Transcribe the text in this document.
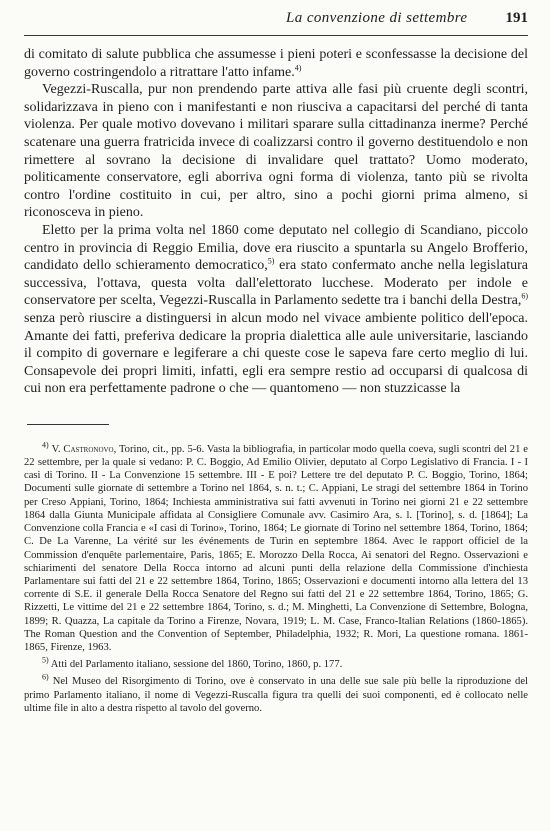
La convenzione di settembre	191

di comitato di salute pubblica che assumesse i pieni poteri e sconfessasse la decisione del governo costringendolo a ritrattare l'atto infame.$^{4)}$

Vegezzi-Ruscalla, pur non prendendo parte attiva alle fasi più cruente degli scontri, solidarizzava in pieno con i manifestanti e non riusciva a capacitarsi del perché di tanta violenza. Per quale motivo dovevano i militari sparare sulla cittadinanza inerme? Perché scatenare una guerra fratricida invece di coalizzarsi contro il governo destituendolo e non rimettere al sovrano la decisione di invalidare quel trattato? Uomo moderato, politicamente conservatore, egli aborriva ogni forma di violenza, tanto più se rivolta contro l'ordine costituito in cui, per altro, sino a pochi giorni prima almeno, si riconosceva in pieno.

Eletto per la prima volta nel 1860 come deputato nel collegio di Scandiano, piccolo centro in provincia di Reggio Emilia, dove era riuscito a spuntarla su Angelo Brofferio, candidato dello schieramento democratico,$^{5)}$ era stato confermato anche nella legislatura successiva, l'ottava, questa volta dall'elettorato lucchese. Moderato per indole e conservatore per scelta, Vegezzi-Ruscalla in Parlamento sedette tra i banchi della Destra,$^{6)}$ senza però riuscire a distinguersi in alcun modo nel vivace ambiente politico dell'epoca. Amante dei fatti, preferiva dedicare la propria dialettica alle aule universitarie, lasciando il compito di governare e legiferare a chi queste cose le sapeva fare certo meglio di lui. Consapevole dei propri limiti, infatti, egli era sempre restio ad occuparsi di qualcosa di cui non era perfettamente padrone o che — quantomeno — non stuzzicasse la

$^{4)}$ V. Castronovo, Torino, cit., pp. 5-6. Vasta la bibliografia, in particolar modo quella coeva, sugli scontri del 21 e 22 settembre, per la quale si vedano: P. C. Boggio, Ad Emilio Olivier, deputato al Corpo Legislativo di Francia. I - I casi di Torino. II - La Convenzione 15 settembre. III - E poi? Lettere tre del deputato P. C. Boggio, Torino, 1864; Documenti sulle giornate di settembre a Torino nel 1864, s. n. t.; C. Appiani, Le stragi del settembre 1864 in Torino per Creso Appiani, Torino, 1864; Inchiesta amministrativa sui fatti avvenuti in Torino nei giorni 21 e 22 settembre 1864 dalla Giunta Municipale affidata al Consigliere Comunale avv. Casimiro Ara, s. l. [Torino], s. d. [1864]; La Convenzione colla Francia e «I casi di Torino», Torino, 1864; Le giornate di Torino nel settembre 1864, Torino, 1864; C. De La Varenne, La vérité sur les événements de Turin en septembre 1864. Avec le rapport officiel de la Commission d'enquête parlementaire, Paris, 1865; E. Morozzo Della Rocca, Ai senatori del Regno. Osservazioni e schiarimenti del senatore Della Rocca intorno ad alcuni punti della relazione della Commissione d'inchiesta Parlamentare sui fatti del 21 e 22 settembre 1864, Torino, 1865; Osservazioni e documenti intorno alla lettera del 13 corrente di S.E. il generale Della Rocca Senatore del Regno sui fatti del 21 e 22 settembre 1864, Torino, 1865; G. Rizzetti, Le vittime del 21 e 22 settembre 1864, Torino, s. d.; M. Minghetti, La Convenzione di Settembre, Bologna, 1899; R. Quazza, La capitale da Torino a Firenze, Novara, 1919; L. M. Case, Franco-Italian Relations (1860-1865). The Roman Question and the Convention of September, Philadelphia, 1932; R. Mori, La questione romana. 1861-1865, Firenze, 1963.

$^{5)}$ Atti del Parlamento italiano, sessione del 1860, Torino, 1860, p. 177.

$^{6)}$ Nel Museo del Risorgimento di Torino, ove è conservato in una delle sue sale più belle la riproduzione del primo Parlamento italiano, il nome di Vegezzi-Ruscalla figura tra quelli dei suoi componenti, ed è collocato nelle ultime file in alto a destra rispetto al tavolo del governo.
